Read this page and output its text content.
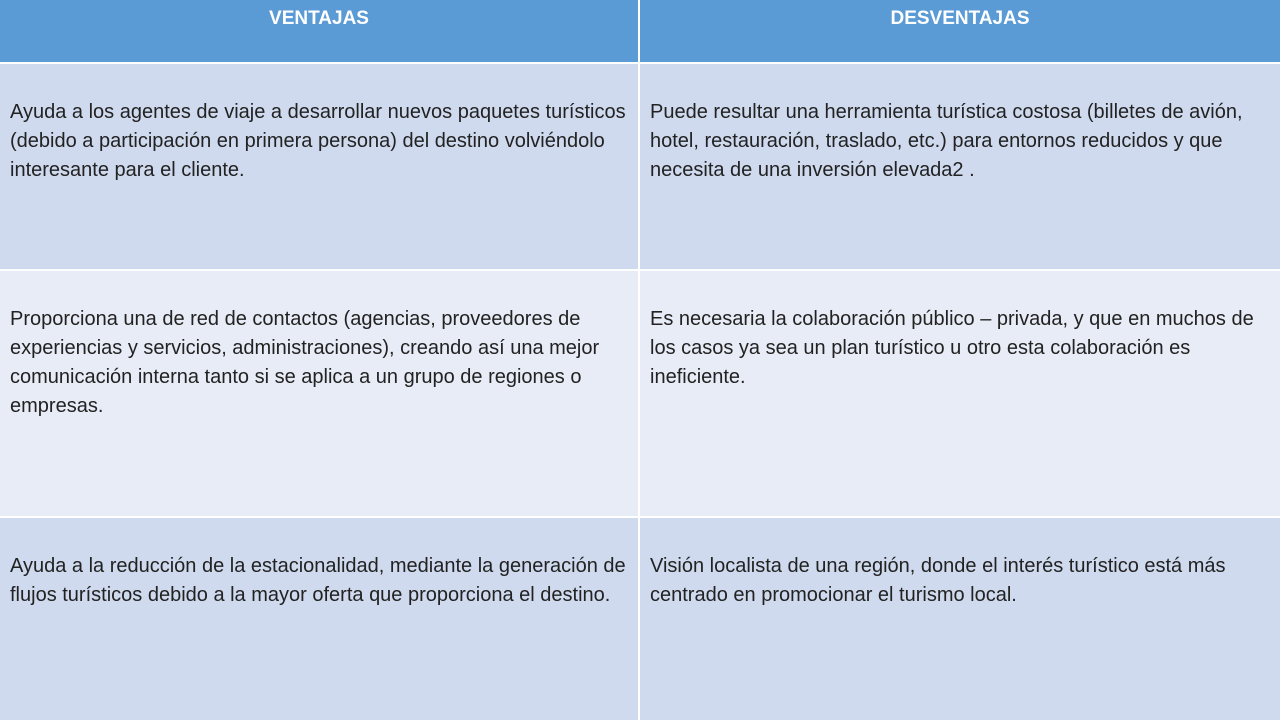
VENTAJAS	DESVENTAJAS
Ayuda a los agentes de viaje a desarrollar nuevos paquetes turísticos (debido a participación en primera persona) del destino volviéndolo interesante para el cliente.
Puede resultar una herramienta turística costosa (billetes de avión, hotel, restauración, traslado, etc.) para entornos reducidos y que necesita de una inversión elevada2 .
Proporciona una de red de contactos (agencias, proveedores de experiencias y servicios, administraciones), creando así una mejor comunicación interna tanto si se aplica a un grupo de regiones o empresas.
Es necesaria la colaboración público – privada, y que en muchos de los casos ya sea un plan turístico u otro esta colaboración es ineficiente.
Ayuda a la reducción de la estacionalidad, mediante la generación de flujos turísticos debido a la mayor oferta que proporciona el destino.
Visión localista de una región, donde el interés turístico está más centrado en promocionar el turismo local.
